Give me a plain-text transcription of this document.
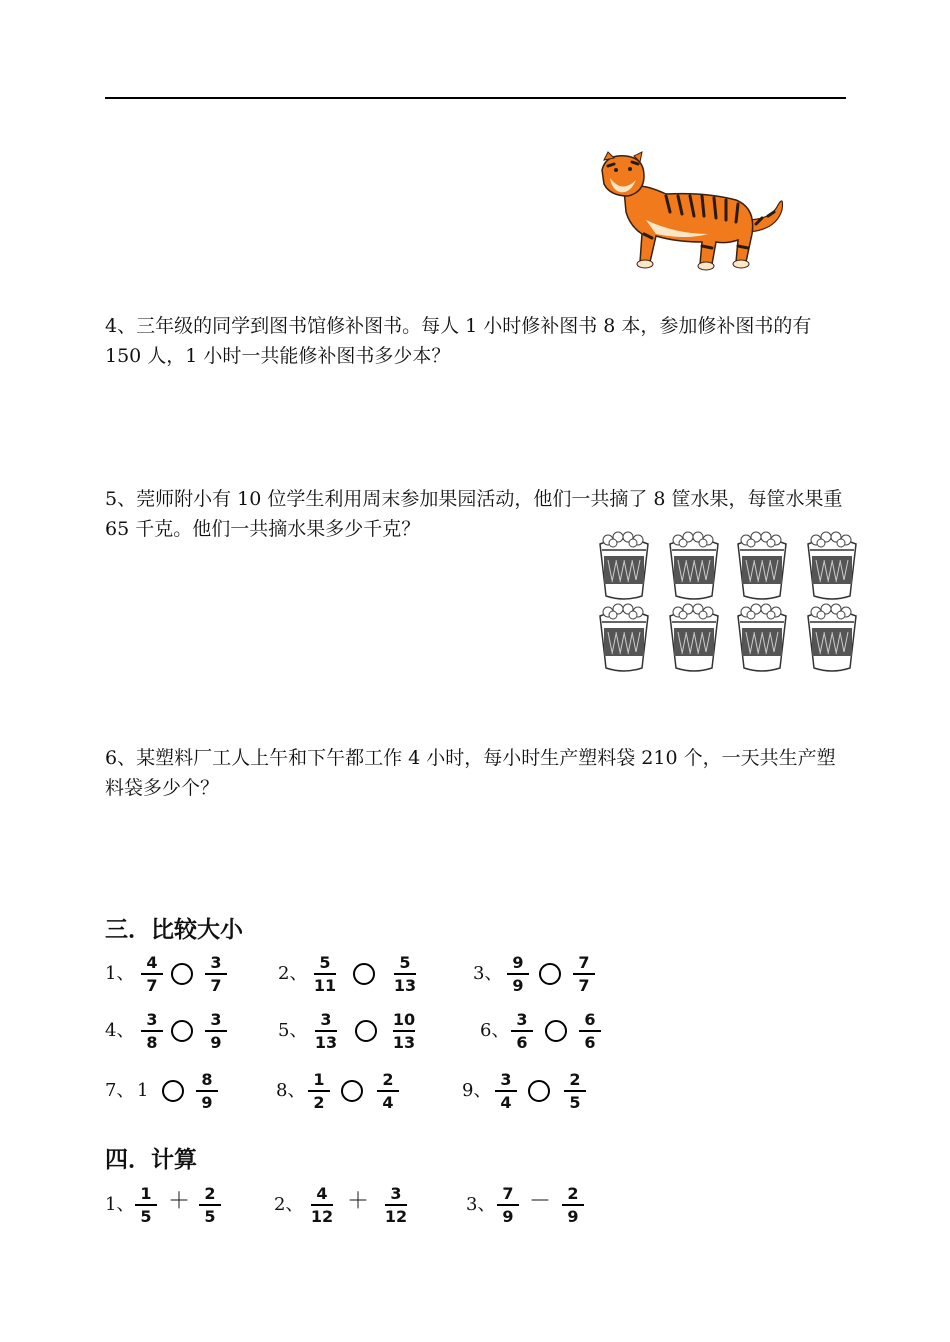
4、三年级的同学到图书馆修补图书。每人 1 小时修补图书 8 本，参加修补图书的有 150 人，1 小时一共能修补图书多少本？
5、莞师附小有 10 位学生利用周末参加果园活动，他们一共摘了 8 筐水果，每筐水果重 65 千克。他们一共摘水果多少千克？
6、某塑料厂工人上午和下午都工作 4 小时，每小时生产塑料袋 210 个，一天共生产塑料袋多少个？
三．比较大小
1、
4
7
3
7
2、
5
11
5
13
3、
9
9
7
7
4、
3
8
3
9
5、
3
13
10
13
6、
3
6
6
6
7、 1
8
9
8、
1
2
2
4
9、
3
4
2
5
四．计算
1、
1
5
＋ 2
5
2、
4
12
＋	3
12
3、
7
9
－	2
9
